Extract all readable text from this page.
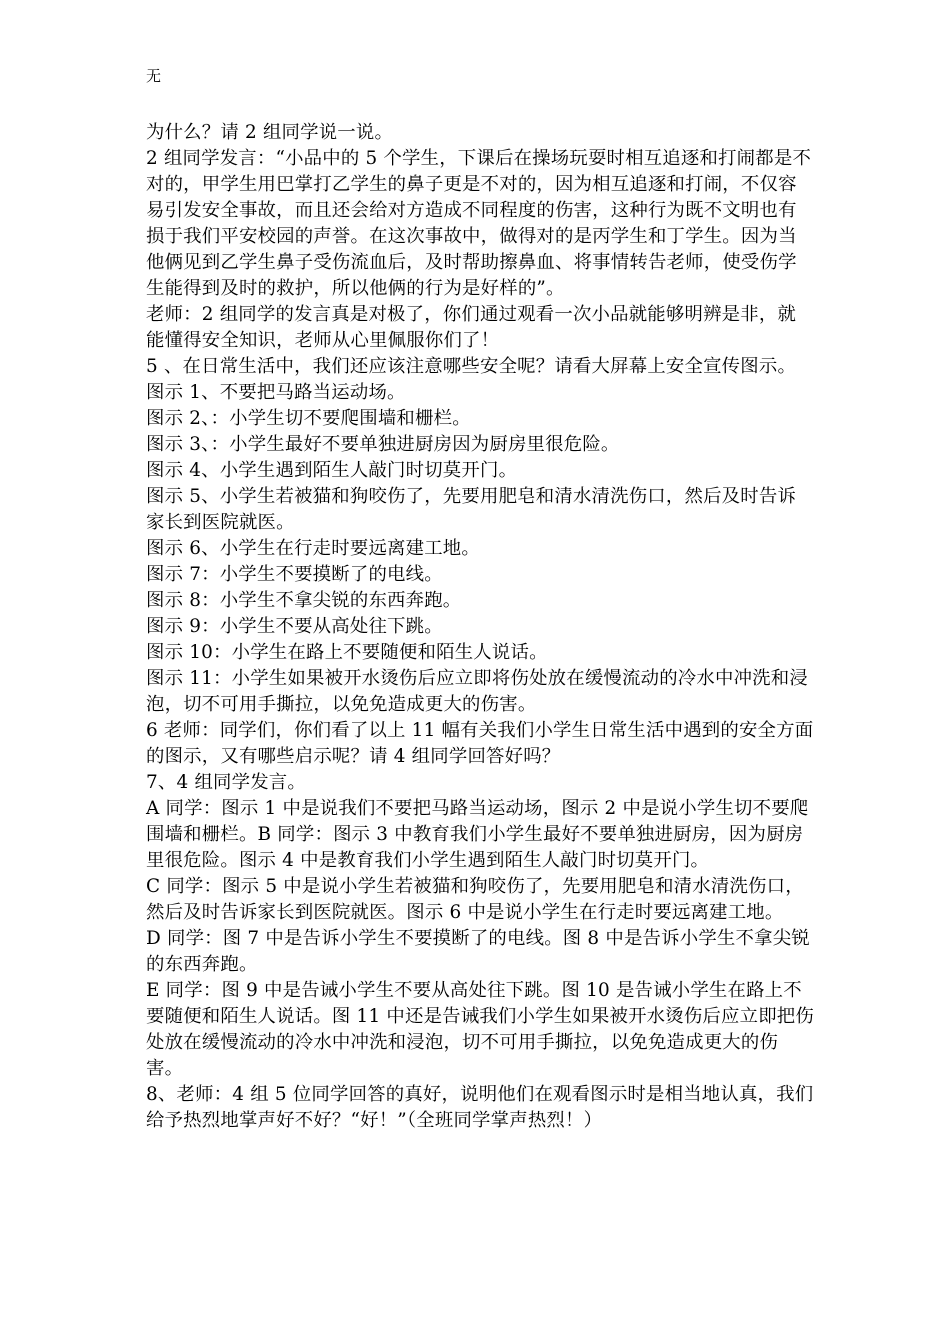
无

为什么？请 2 组同学说一说。

2 组同学发言：“小品中的 5 个学生，下课后在操场玩耍时相互追逐和打闹都是不对的，甲学生用巴掌打乙学生的鼻子更是不对的，因为相互追逐和打闹，不仅容易引发安全事故，而且还会给对方造成不同程度的伤害，这种行为既不文明也有损于我们平安校园的声誉。在这次事故中，做得对的是丙学生和丁学生。因为当他俩见到乙学生鼻子受伤流血后，及时帮助擦鼻血、将事情转告老师，使受伤学生能得到及时的救护，所以他俩的行为是好样的”。

老师：2 组同学的发言真是对极了，你们通过观看一次小品就能够明辨是非，就能懂得安全知识，老师从心里佩服你们了！

5 、在日常生活中，我们还应该注意哪些安全呢？请看大屏幕上安全宣传图示。

图示 1、不要把马路当运动场。

图示 2、：小学生切不要爬围墙和栅栏。

图示 3、：小学生最好不要单独进厨房因为厨房里很危险。

图示 4、小学生遇到陌生人敲门时切莫开门。

图示 5、小学生若被猫和狗咬伤了，先要用肥皂和清水清洗伤口，然后及时告诉家长到医院就医。

图示 6、小学生在行走时要远离建工地。

图示 7：小学生不要摸断了的电线。

图示 8：小学生不拿尖锐的东西奔跑。

图示 9：小学生不要从高处往下跳。

图示 10：小学生在路上不要随便和陌生人说话。

图示 11：小学生如果被开水烫伤后应立即将伤处放在缓慢流动的冷水中冲洗和浸泡，切不可用手撕拉，以免免造成更大的伤害。

6 老师：同学们，你们看了以上 11 幅有关我们小学生日常生活中遇到的安全方面的图示，又有哪些启示呢？请 4 组同学回答好吗？

7、4 组同学发言。

A 同学：图示 1 中是说我们不要把马路当运动场，图示 2 中是说小学生切不要爬围墙和栅栏。B 同学：图示 3 中教育我们小学生最好不要单独进厨房，因为厨房里很危险。图示 4 中是教育我们小学生遇到陌生人敲门时切莫开门。

C 同学：图示 5 中是说小学生若被猫和狗咬伤了，先要用肥皂和清水清洗伤口，然后及时告诉家长到医院就医。图示 6 中是说小学生在行走时要远离建工地。

D 同学：图 7 中是告诉小学生不要摸断了的电线。图 8 中是告诉小学生不拿尖锐的东西奔跑。

E 同学：图 9 中是告诫小学生不要从高处往下跳。图 10 是告诫小学生在路上不要随便和陌生人说话。图 11 中还是告诫我们小学生如果被开水烫伤后应立即把伤处放在缓慢流动的冷水中冲洗和浸泡，切不可用手撕拉，以免免造成更大的伤害。

8、老师：4 组 5 位同学回答的真好，说明他们在观看图示时是相当地认真，我们给予热烈地掌声好不好？“好！”（全班同学掌声热烈！）
